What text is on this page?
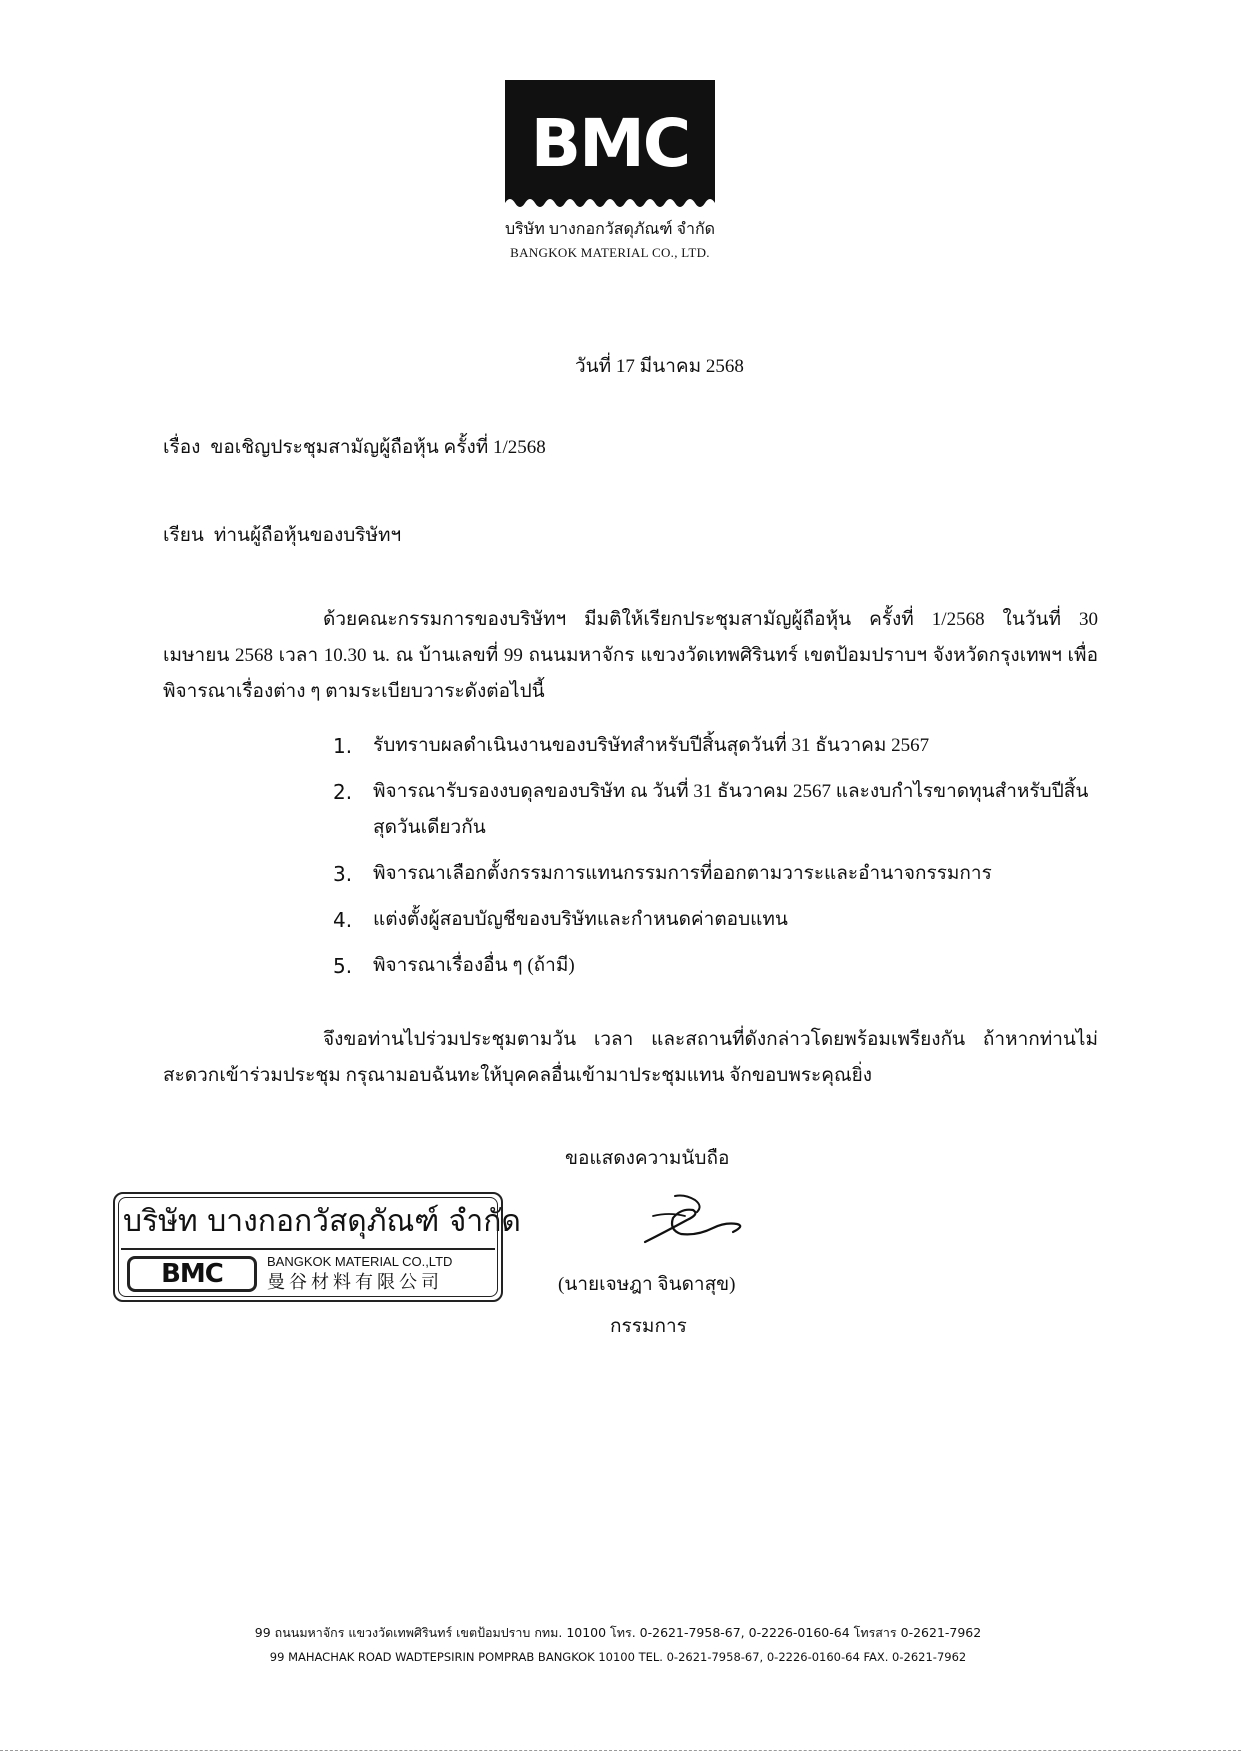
BMC
บริษัท บางกอกวัสดุภัณฑ์ จำกัด
BANGKOK MATERIAL CO., LTD.
วันที่ 17 มีนาคม 2568
เรื่อง ขอเชิญประชุมสามัญผู้ถือหุ้น ครั้งที่ 1/2568
เรียน ท่านผู้ถือหุ้นของบริษัทฯ
ด้วยคณะกรรมการของบริษัทฯ มีมติให้เรียกประชุมสามัญผู้ถือหุ้น ครั้งที่ 1/2568 ในวันที่ 30 เมษายน 2568 เวลา 10.30 น. ณ บ้านเลขที่ 99 ถนนมหาจักร แขวงวัดเทพศิรินทร์ เขตป้อมปราบฯ จังหวัดกรุงเทพฯ เพื่อพิจารณาเรื่องต่าง ๆ ตามระเบียบวาระดังต่อไปนี้
1. รับทราบผลดำเนินงานของบริษัทสำหรับปีสิ้นสุดวันที่ 31 ธันวาคม 2567
2. พิจารณารับรองงบดุลของบริษัท ณ วันที่ 31 ธันวาคม 2567 และงบกำไรขาดทุนสำหรับปีสิ้นสุดวันเดียวกัน
3. พิจารณาเลือกตั้งกรรมการแทนกรรมการที่ออกตามวาระและอำนาจกรรมการ
4. แต่งตั้งผู้สอบบัญชีของบริษัทและกำหนดค่าตอบแทน
5. พิจารณาเรื่องอื่น ๆ (ถ้ามี)
จึงขอท่านไปร่วมประชุมตามวัน เวลา และสถานที่ดังกล่าวโดยพร้อมเพรียงกัน ถ้าหากท่านไม่สะดวกเข้าร่วมประชุม กรุณามอบฉันทะให้บุคคลอื่นเข้ามาประชุมแทน จักขอบพระคุณยิ่ง
ขอแสดงความนับถือ
(นายเจษฎา จินดาสุข)
กรรมการ
บริษัท บางกอกวัสดุภัณฑ์ จำกัด
BMC	BANGKOK MATERIAL CO.,LTD
曼谷材料有限公司
99 ถนนมหาจักร แขวงวัดเทพศิรินทร์ เขตป้อมปราบ กทม. 10100 โทร. 0-2621-7958-67, 0-2226-0160-64 โทรสาร 0-2621-7962
99 MAHACHAK ROAD WADTEPSIRIN POMPRAB BANGKOK 10100 TEL. 0-2621-7958-67, 0-2226-0160-64 FAX. 0-2621-7962
